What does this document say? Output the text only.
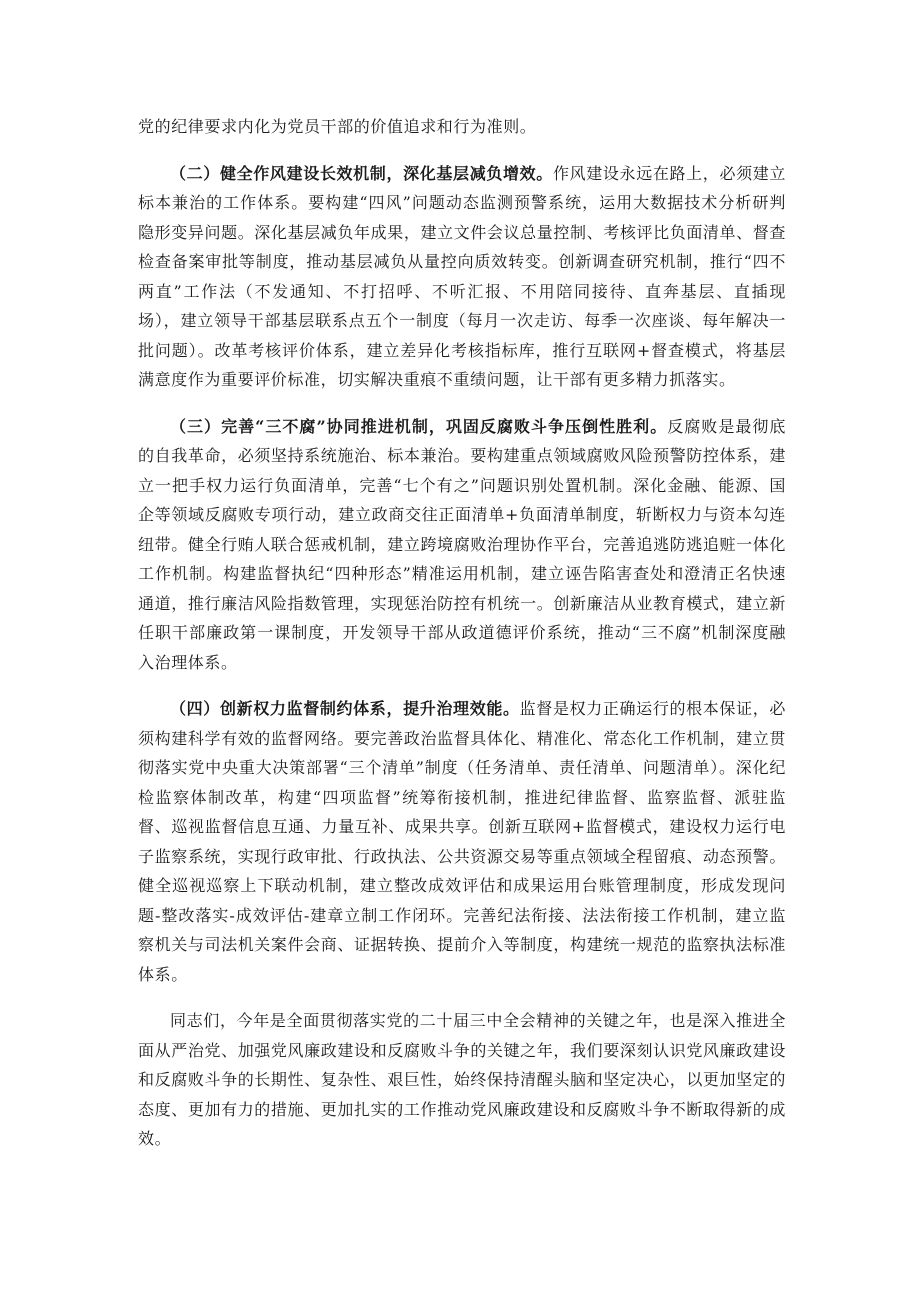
党的纪律要求内化为党员干部的价值追求和行为准则。

（二）健全作风建设长效机制，深化基层减负增效。作风建设永远在路上，必须建立标本兼治的工作体系。要构建“四风”问题动态监测预警系统，运用大数据技术分析研判隐形变异问题。深化基层减负年成果，建立文件会议总量控制、考核评比负面清单、督查检查备案审批等制度，推动基层减负从量控向质效转变。创新调查研究机制，推行“四不两直”工作法（不发通知、不打招呼、不听汇报、不用陪同接待、直奔基层、直插现场），建立领导干部基层联系点五个一制度（每月一次走访、每季一次座谈、每年解决一批问题）。改革考核评价体系，建立差异化考核指标库，推行互联网+督查模式，将基层满意度作为重要评价标准，切实解决重痕不重绩问题，让干部有更多精力抓落实。

（三）完善“三不腐”协同推进机制，巩固反腐败斗争压倒性胜利。反腐败是最彻底的自我革命，必须坚持系统施治、标本兼治。要构建重点领域腐败风险预警防控体系，建立一把手权力运行负面清单，完善“七个有之”问题识别处置机制。深化金融、能源、国企等领域反腐败专项行动，建立政商交往正面清单+负面清单制度，斩断权力与资本勾连纽带。健全行贿人联合惩戒机制，建立跨境腐败治理协作平台，完善追逃防逃追赃一体化工作机制。构建监督执纪“四种形态”精准运用机制，建立诬告陷害查处和澄清正名快速通道，推行廉洁风险指数管理，实现惩治防控有机统一。创新廉洁从业教育模式，建立新任职干部廉政第一课制度，开发领导干部从政道德评价系统，推动“三不腐”机制深度融入治理体系。

（四）创新权力监督制约体系，提升治理效能。监督是权力正确运行的根本保证，必须构建科学有效的监督网络。要完善政治监督具体化、精准化、常态化工作机制，建立贯彻落实党中央重大决策部署“三个清单”制度（任务清单、责任清单、问题清单）。深化纪检监察体制改革，构建“四项监督”统筹衔接机制，推进纪律监督、监察监督、派驻监督、巡视监督信息互通、力量互补、成果共享。创新互联网+监督模式，建设权力运行电子监察系统，实现行政审批、行政执法、公共资源交易等重点领域全程留痕、动态预警。健全巡视巡察上下联动机制，建立整改成效评估和成果运用台账管理制度，形成发现问题-整改落实-成效评估-建章立制工作闭环。完善纪法衔接、法法衔接工作机制，建立监察机关与司法机关案件会商、证据转换、提前介入等制度，构建统一规范的监察执法标准体系。

同志们，今年是全面贯彻落实党的二十届三中全会精神的关键之年，也是深入推进全面从严治党、加强党风廉政建设和反腐败斗争的关键之年，我们要深刻认识党风廉政建设和反腐败斗争的长期性、复杂性、艰巨性，始终保持清醒头脑和坚定决心，以更加坚定的态度、更加有力的措施、更加扎实的工作推动党风廉政建设和反腐败斗争不断取得新的成效。
